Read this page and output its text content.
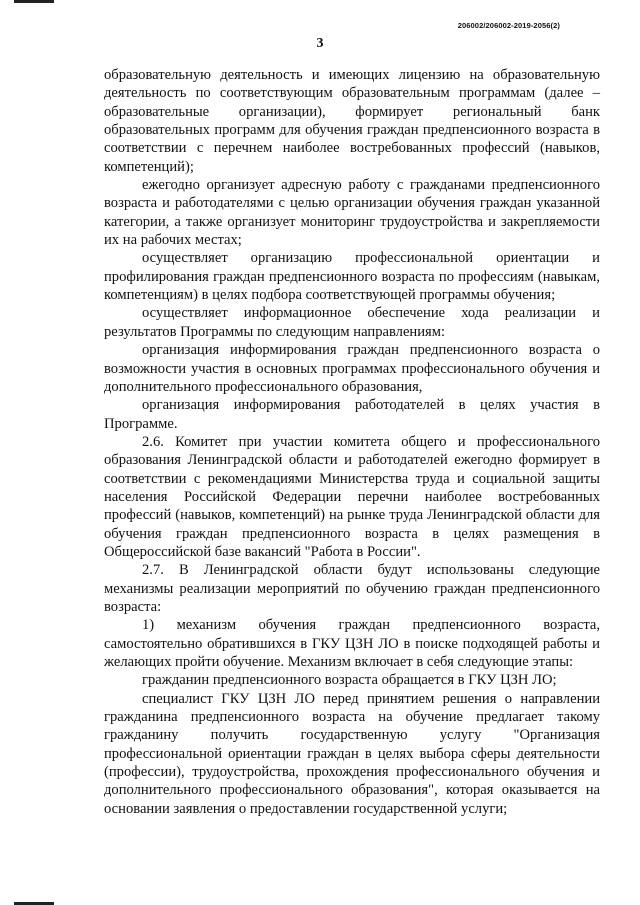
206002/206002-2019-2056(2)
3

образовательную деятельность и имеющих лицензию на образовательную деятельность по соответствующим образовательным программам (далее – образовательные организации), формирует региональный банк образовательных программ для обучения граждан предпенсионного возраста в соответствии с перечнем наиболее востребованных профессий (навыков, компетенций);

ежегодно организует адресную работу с гражданами предпенсионного возраста и работодателями с целью организации обучения граждан указанной категории, а также организует мониторинг трудоустройства и закрепляемости их на рабочих местах;

осуществляет организацию профессиональной ориентации и профилирования граждан предпенсионного возраста по профессиям (навыкам, компетенциям) в целях подбора соответствующей программы обучения;

осуществляет информационное обеспечение хода реализации и результатов Программы по следующим направлениям:

организация информирования граждан предпенсионного возраста о возможности участия в основных программах профессионального обучения и дополнительного профессионального образования,

организация информирования работодателей в целях участия в Программе.

2.6. Комитет при участии комитета общего и профессионального образования Ленинградской области и работодателей ежегодно формирует в соответствии с рекомендациями Министерства труда и социальной защиты населения Российской Федерации перечни наиболее востребованных профессий (навыков, компетенций) на рынке труда Ленинградской области для обучения граждан предпенсионного возраста в целях размещения в Общероссийской базе вакансий "Работа в России".

2.7. В Ленинградской области будут использованы следующие механизмы реализации мероприятий по обучению граждан предпенсионного возраста:

1) механизм обучения граждан предпенсионного возраста, самостоятельно обратившихся в ГКУ ЦЗН ЛО в поиске подходящей работы и желающих пройти обучение. Механизм включает в себя следующие этапы:

гражданин предпенсионного возраста обращается в ГКУ ЦЗН ЛО;

специалист ГКУ ЦЗН ЛО перед принятием решения о направлении гражданина предпенсионного возраста на обучение предлагает такому гражданину получить государственную услугу "Организация профессиональной ориентации граждан в целях выбора сферы деятельности (профессии), трудоустройства, прохождения профессионального обучения и дополнительного профессионального образования", которая оказывается на основании заявления о предоставлении государственной услуги;
